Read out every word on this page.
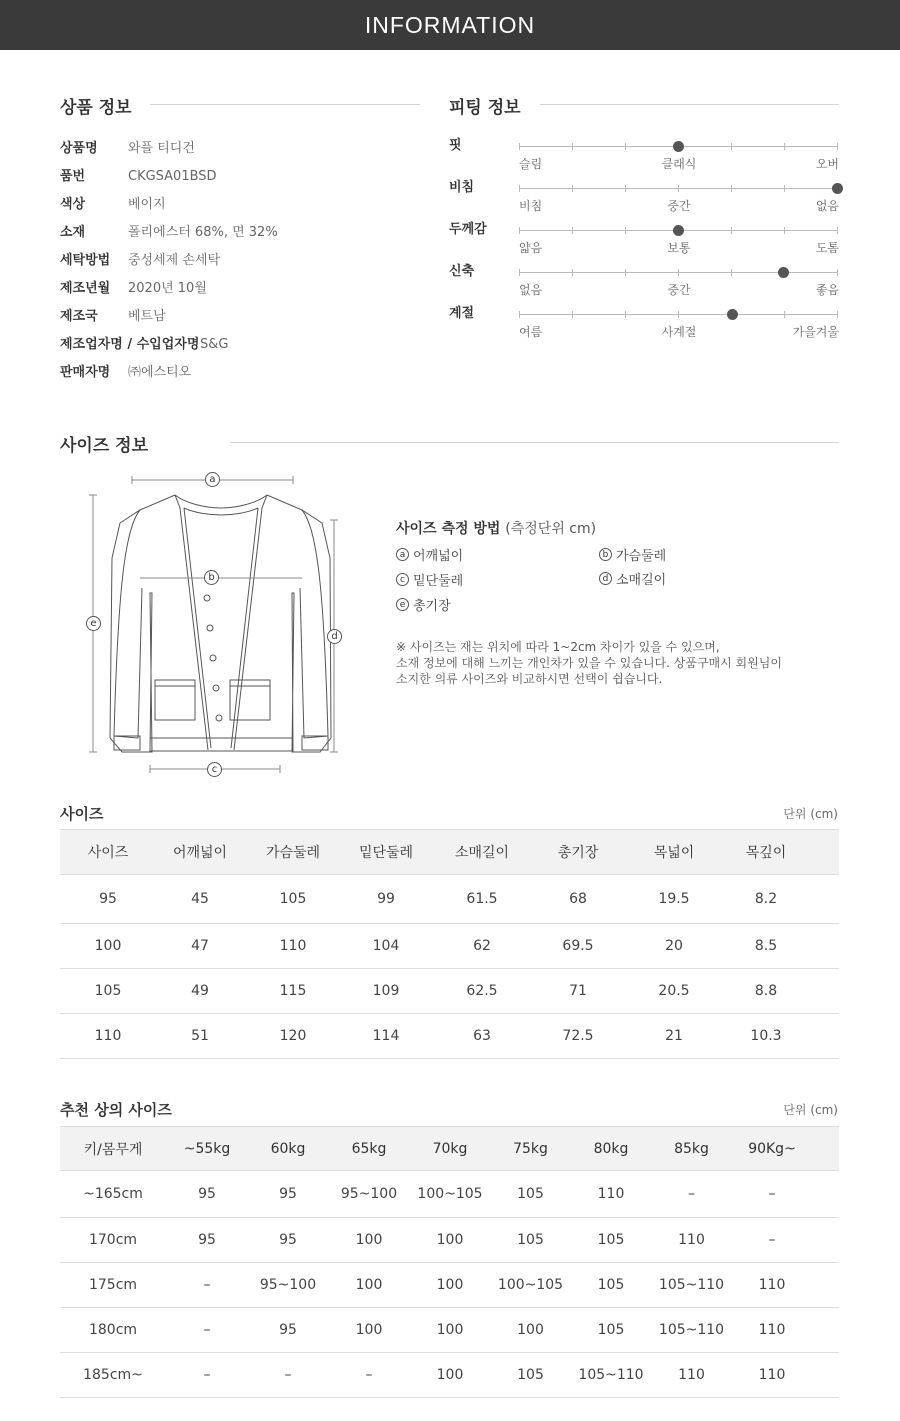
INFORMATION
상품 정보
상품명 와플 티디건
품번	CKGSA01BSD
색상	베이지
소재	폴리에스터 68%, 면 32%
세탁방법 중성세제 손세탁
제조년월 2020년 10월
제조국 베트남
제조업자명 / 수입업자명 S&G
판매자명 ㈜에스티오
피팅 정보
핏
슬림	클래식	오버
비침
비침	중간	없음
두께감
얇음	보통	도톰
신축
없음	중간	좋음
계절
여름	사계절	가을겨울
사이즈 정보
a
b
c
d
e
사이즈 측정 방법 (측정단위 cm)
a 어깨넓이	b 가슴둘레
c 밑단둘레	d 소매길이
e 총기장
※ 사이즈는 재는 위치에 따라 1~2cm 차이가 있을 수 있으며,
소재 정보에 대해 느끼는 개인차가 있을 수 있습니다. 상품구매시 회원님이
소지한 의류 사이즈와 비교하시면 선택이 쉽습니다.
사이즈	단위 (cm)
사이즈	어깨넓이	가슴둘레	밑단둘레	소매길이	총기장	목넓이	목깊이	
95	45	105	99	61.5	68	19.5	8.2	
100	47	110	104	62	69.5	20	8.5	
105	49	115	109	62.5	71	20.5	8.8	
110	51	120	114	63	72.5	21	10.3	
추천 상의 사이즈	단위 (cm)
키/몸무게	~55kg	60kg	65kg	70kg	75kg	80kg	85kg	90Kg~	
~165cm	95	95	95~100	100~105	105	110	–	–	
170cm	95	95	100	100	105	105	110	–	
175cm	–	95~100	100	100	100~105	105	105~110	110	
180cm	–	95	100	100	100	105	105~110	110	
185cm~	–	–	–	100	105	105~110	110	110	
